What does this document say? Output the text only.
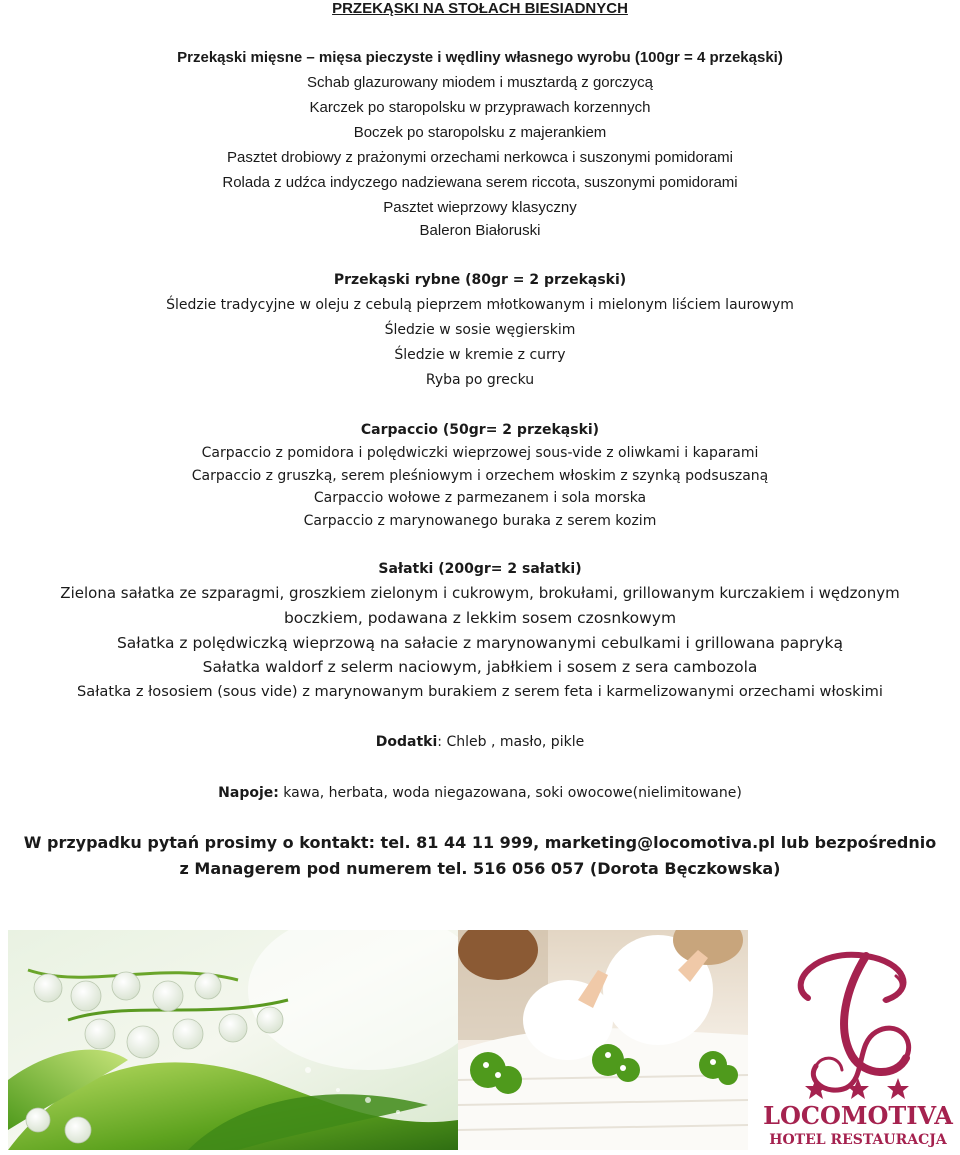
PRZEKĄSKI NA STOŁACH BIESIADNYCH
Przekąski mięsne – mięsa pieczyste i wędliny własnego wyrobu (100gr = 4 przekąski)
Schab glazurowany miodem i musztardą z gorczycą
Karczek po staropolsku w przyprawach korzennych
Boczek po staropolsku z majerankiem
Pasztet drobiowy z prażonymi orzechami nerkowca i suszonymi pomidorami
Rolada z udźca indyczego nadziewana serem riccota, suszonymi pomidorami
Pasztet wieprzowy klasyczny
Baleron Białoruski
Przekąski rybne (80gr = 2 przekąski)
Śledzie tradycyjne w oleju z cebulą pieprzem młotkowanym i mielonym liściem laurowym
Śledzie w sosie węgierskim
Śledzie w kremie z curry
Ryba po grecku
Carpaccio (50gr= 2 przekąski)
Carpaccio z pomidora i polędwiczki wieprzowej sous-vide z oliwkami i kaparami
Carpaccio z gruszką, serem pleśniowym i orzechem włoskim z szynką podsuszaną
Carpaccio wołowe z parmezanem i sola morska
Carpaccio z marynowanego buraka z serem kozim
Sałatki (200gr= 2 sałatki)
Zielona sałatka ze szparagmi, groszkiem zielonym i cukrowym, brokułami, grillowanym kurczakiem i wędzonym
boczkiem, podawana z lekkim sosem czosnkowym
Sałatka z polędwiczką wieprzową na sałacie z marynowanymi cebulkami i grillowana papryką
Sałatka waldorf z selerm naciowym, jabłkiem i sosem z sera cambozola
Sałatka z łososiem (sous vide) z marynowanym burakiem z serem feta i karmelizowanymi orzechami włoskimi
Dodatki: Chleb , masło, pikle
Napoje: kawa, herbata, woda niegazowana, soki owocowe(nielimitowane)
W przypadku pytań prosimy o kontakt: tel. 81 44 11 999, marketing@locomotiva.pl lub bezpośrednio
z Managerem pod numerem tel. 516 056 057 (Dorota Bęczkowska)
LOCOMOTIVA
HOTEL RESTAURACJA
